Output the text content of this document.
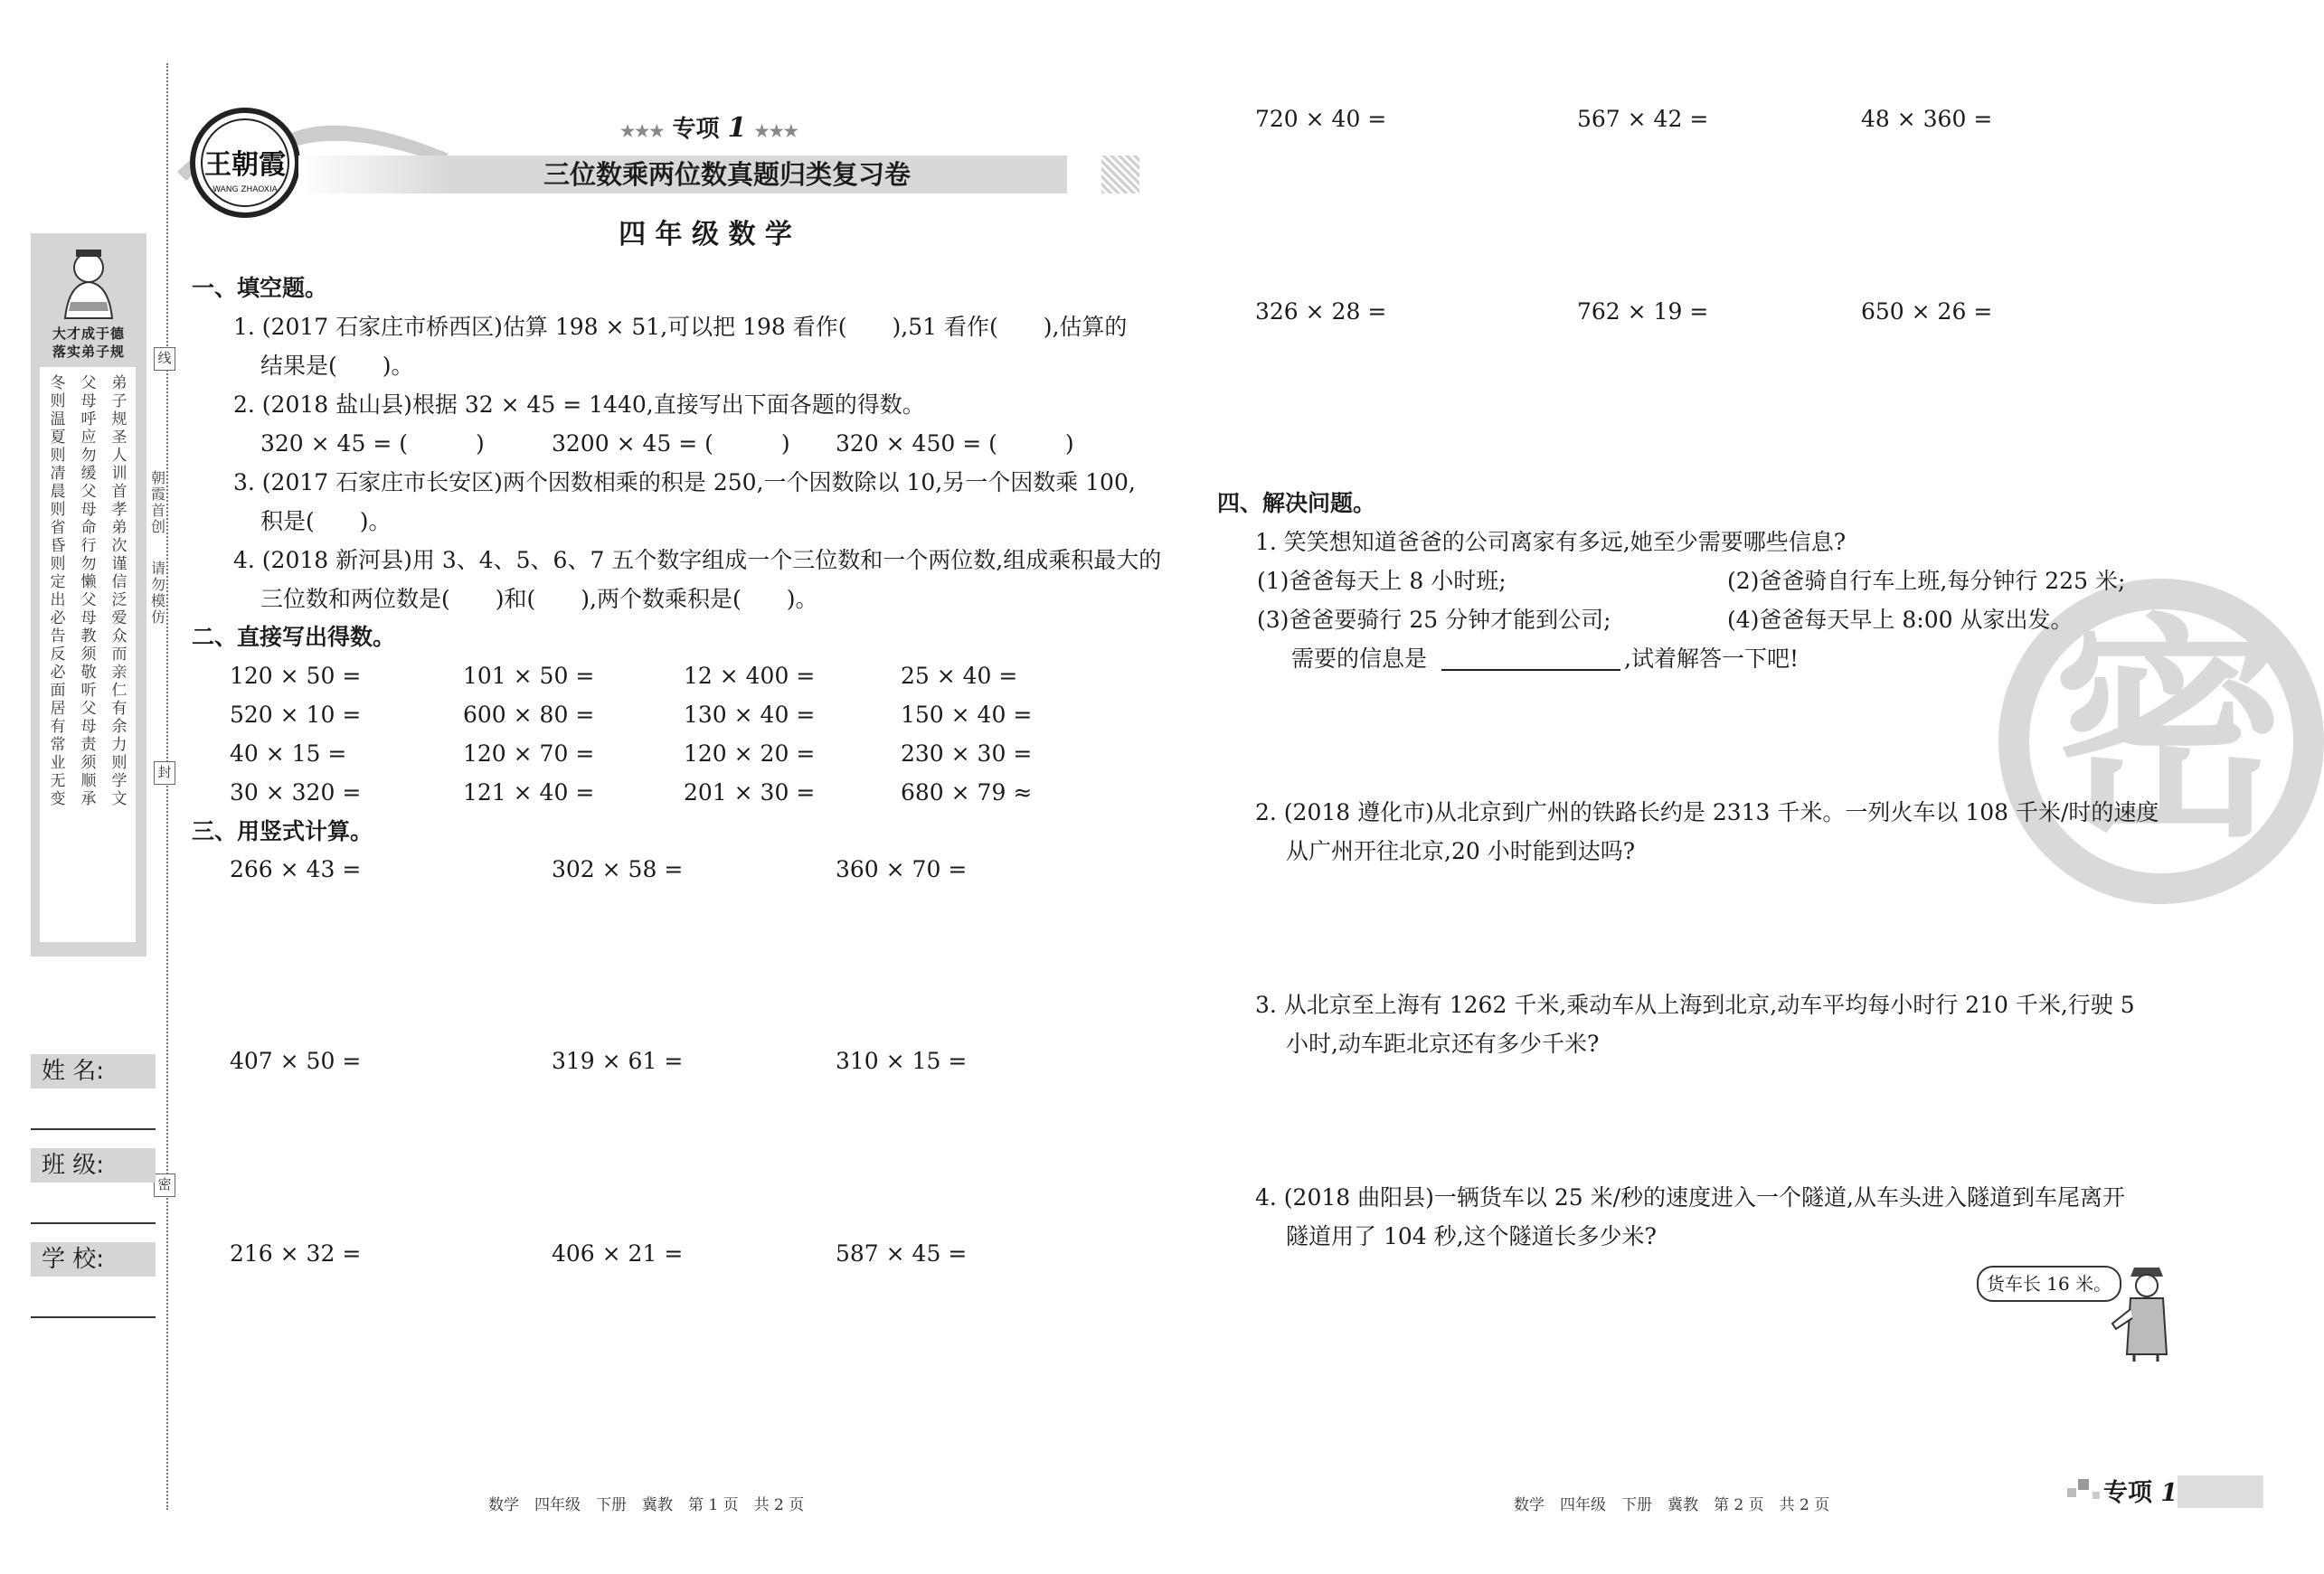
大才成于德
落实弟子规
冬则温夏则凊晨则省昏则定出必告反必面居有常业无变
父母呼应勿缓父母命行勿懒父母教须敬听父母责须顺承
弟子规圣人训首孝弟次谨信泛爱众而亲仁有余力则学文
线
朝霞首创
请勿模仿
封
密
姓 名:
班 级:
学 校:
王朝霞
WANG ZHAOXIA
★★★ 专项 1 ★★★
三位数乘两位数真题归类复习卷
四 年 级 数 学
一、填空题。
1. (2017 石家庄市桥西区)估算 198 × 51,可以把 198 看作(　　),51 看作(　　),估算的
结果是(　　)。
2. (2018 盐山县)根据 32 × 45 = 1440,直接写出下面各题的得数。
320 × 45 = (　　　)	3200 × 45 = (　　　) 320 × 450 = (　　　)
3. (2017 石家庄市长安区)两个因数相乘的积是 250,一个因数除以 10,另一个因数乘 100,
积是(　　)。
4. (2018 新河县)用 3、4、5、6、7 五个数字组成一个三位数和一个两位数,组成乘积最大的
三位数和两位数是(　　)和(　　),两个数乘积是(　　)。
二、直接写出得数。
120 × 50 =	101 × 50 =	12 × 400 =	25 × 40 =
520 × 10 =	600 × 80 =	130 × 40 =	150 × 40 =
40 × 15 =	120 × 70 =	120 × 20 =	230 × 30 =
30 × 320 =	121 × 40 =	201 × 30 =	680 × 79 ≈
三、用竖式计算。
266 × 43 =	302 × 58 =	360 × 70 =
407 × 50 =	319 × 61 =	310 × 15 =
216 × 32 =	406 × 21 =	587 × 45 =
数学　四年级　下册　冀教　第 1 页　共 2 页
720 × 40 =	567 × 42 =	48 × 360 =
326 × 28 =	762 × 19 =	650 × 26 =
密
四、解决问题。
1. 笑笑想知道爸爸的公司离家有多远,她至少需要哪些信息?
(1)爸爸每天上 8 小时班;	(2)爸爸骑自行车上班,每分钟行 225 米;
(3)爸爸要骑行 25 分钟才能到公司;	(4)爸爸每天早上 8:00 从家出发。
需要的信息是	,试着解答一下吧!
2. (2018 遵化市)从北京到广州的铁路长约是 2313 千米。一列火车以 108 千米/时的速度
从广州开往北京,20 小时能到达吗?
3. 从北京至上海有 1262 千米,乘动车从上海到北京,动车平均每小时行 210 千米,行驶 5
小时,动车距北京还有多少千米?
4. (2018 曲阳县)一辆货车以 25 米/秒的速度进入一个隧道,从车头进入隧道到车尾离开
隧道用了 104 秒,这个隧道长多少米?
货车长 16 米。
数学　四年级　下册　冀教　第 2 页　共 2 页	专项 1
